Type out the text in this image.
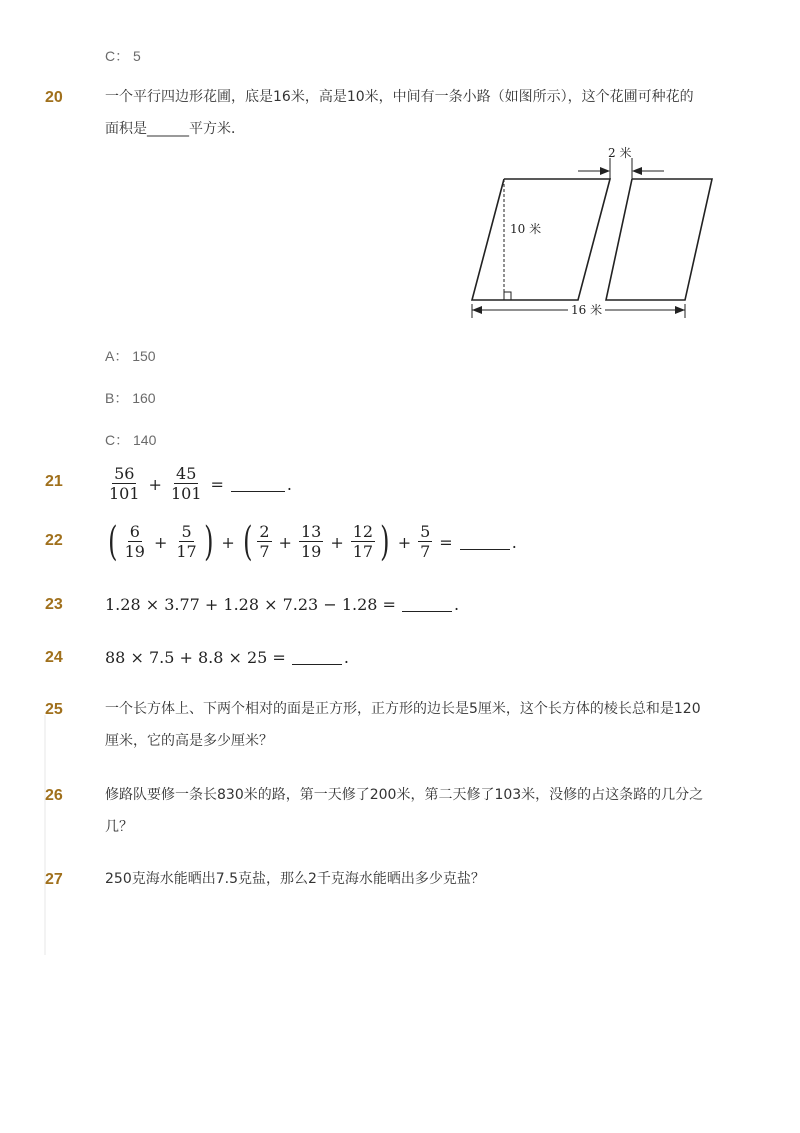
C： 5
20	一个平行四边形花圃，底是16米，高是10米，中间有一条小路（如图所示），这个花圃可种花的
面积是______平方米．
2 米
10 米
16 米
A： 150
B： 160
C： 140
21	$\frac{56}{101} + \frac{45}{101}$ =	.
22 ( $\frac{6}{19} + \frac{5}{17}$ ) + ( $\frac{2}{7} + \frac{13}{19} + \frac{12}{17}$ ) + $\frac{5}{7}$ =	.
23	1.28 × 3.77 + 1.28 × 7.23 − 1.28 =	.
24	88 × 7.5 + 8.8 × 25 =	.
25	一个长方体上、下两个相对的面是正方形，正方形的边长是5厘米，这个长方体的棱长总和是120
厘米，它的高是多少厘米？
26	修路队要修一条长830米的路，第一天修了200米，第二天修了103米，没修的占这条路的几分之
几？
27	250克海水能晒出7.5克盐，那么2千克海水能晒出多少克盐？
